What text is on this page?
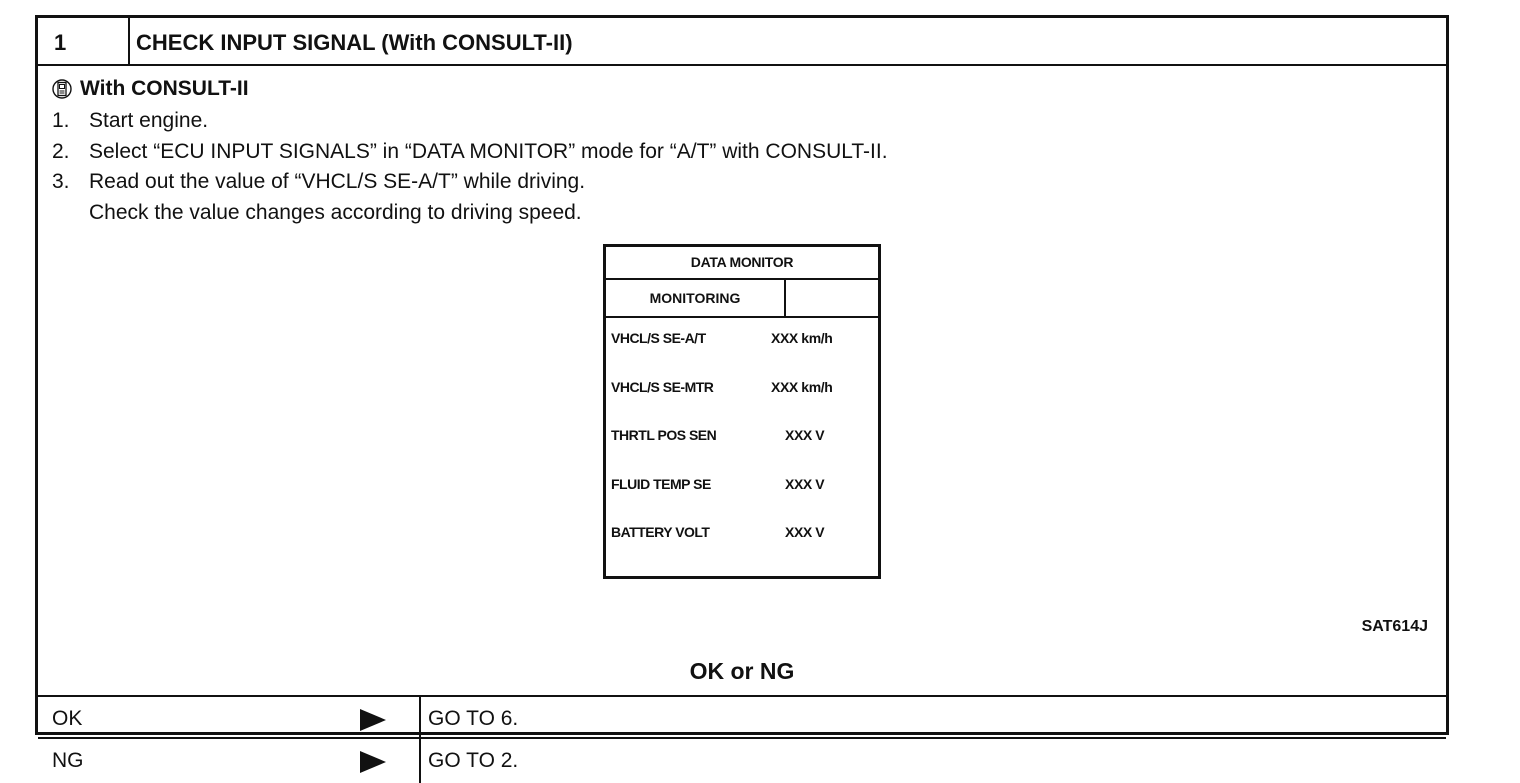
1	CHECK INPUT SIGNAL (With CONSULT-II)
With CONSULT-II
1. Start engine.
2. Select “ECU INPUT SIGNALS” in “DATA MONITOR” mode for “A/T” with CONSULT-II.
3. Read out the value of “VHCL/S SE-A/T” while driving.
Check the value changes according to driving speed.
DATA MONITOR
MONITORING
VHCL/S SE-A/T	XXX km/h
VHCL/S SE-MTR	XXX km/h
THRTL POS SEN	XXX V
FLUID TEMP SE	XXX V
BATTERY VOLT	XXX V
SAT614J
OK or NG
OK	GO TO 6.
NG	GO TO 2.
